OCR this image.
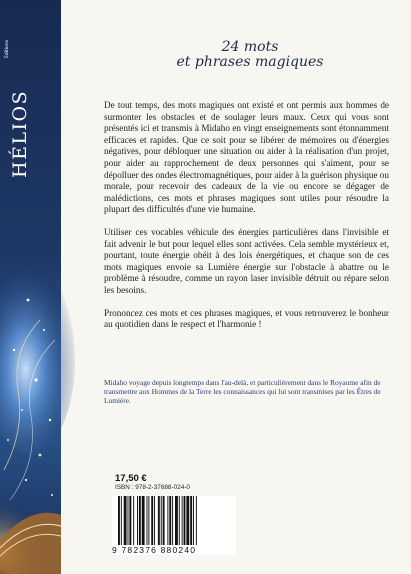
HÉLIOS
Éditions	24 mots
et phrases magiques

De tout temps, des mots magiques ont existé et ont permis aux hommes de surmonter les obstacles et de soulager leurs maux. Ceux qui vous sont présentés ici et transmis à Midaho en vingt enseignements sont étonnamment efficaces et rapides. Que ce soit pour se libérer de mémoires ou d'énergies négatives, pour débloquer une situation ou aider à la réalisation d'un projet, pour aider au rapprochement de deux personnes qui s'aiment, pour se dépolluer des ondes électromagnétiques, pour aider à la guérison physique ou morale, pour recevoir des cadeaux de la vie ou encore se dégager de malédictions, ces mots et phrases magiques sont utiles pour résoudre la plupart des difficultés d'une vie humaine.

Utiliser ces vocables véhicule des énergies particulières dans l'invisible et fait advenir le but pour lequel elles sont activées. Cela semble mystérieux et, pourtant, toute énergie obéit à des lois énergétiques, et chaque son de ces mots magiques envoie sa Lumière énergie sur l'obstacle à abattre ou le problème à résoudre, comme un rayon laser invisible détruit ou répare selon les besoins.

Prononcez ces mots et ces phrases magiques, et vous retrouverez le bonheur au quotidien dans le respect et l'harmonie !

Midaho voyage depuis longtemps dans l'au-delà, et particulièrement dans le Royaume afin de transmettre aux Hommes de la Terre les connaissances qui lui sont transmises par les Êtres de Lumière.
17,50 €
ISBN : 978-2-37688-024-0
9 782376 880240
